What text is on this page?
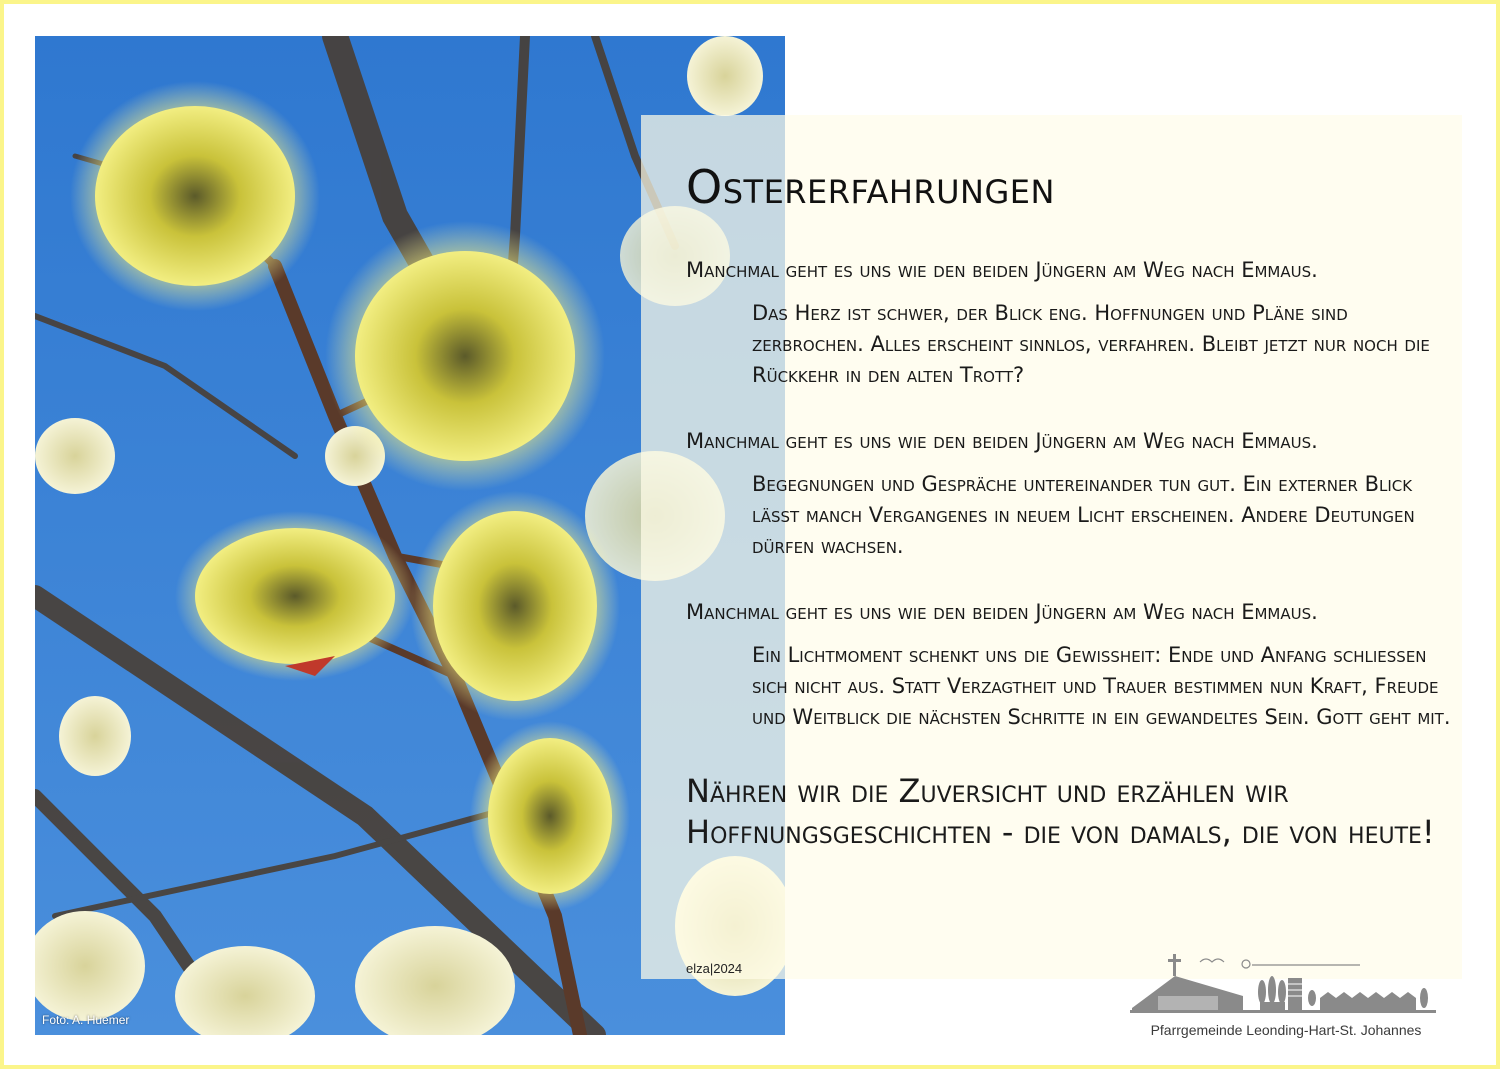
Foto: A. Huemer
Ostererfahrungen
Manchmal geht es uns wie den beiden Jüngern am Weg nach Emmaus.
Das Herz ist schwer, der Blick eng. Hoffnungen und Pläne sind zerbrochen. Alles erscheint sinnlos, verfahren. Bleibt jetzt nur noch die Rückkehr in den alten Trott?
Manchmal geht es uns wie den beiden Jüngern am Weg nach Emmaus.
Begegnungen und Gespräche untereinander tun gut. Ein externer Blick lässt manch Vergangenes in neuem Licht erscheinen. Andere Deutungen dürfen wachsen.
Manchmal geht es uns wie den beiden Jüngern am Weg nach Emmaus.
Ein Lichtmoment schenkt uns die Gewissheit: Ende und Anfang schliessen sich nicht aus. Statt Verzagtheit und Trauer bestimmen nun Kraft, Freude und Weitblick die nächsten Schritte in ein gewandeltes Sein. Gott geht mit.
Nähren wir die Zuversicht und erzählen wir Hoffnungsgeschichten - die von damals, die von heute!
elza|2024
Pfarrgemeinde Leonding-Hart-St. Johannes
